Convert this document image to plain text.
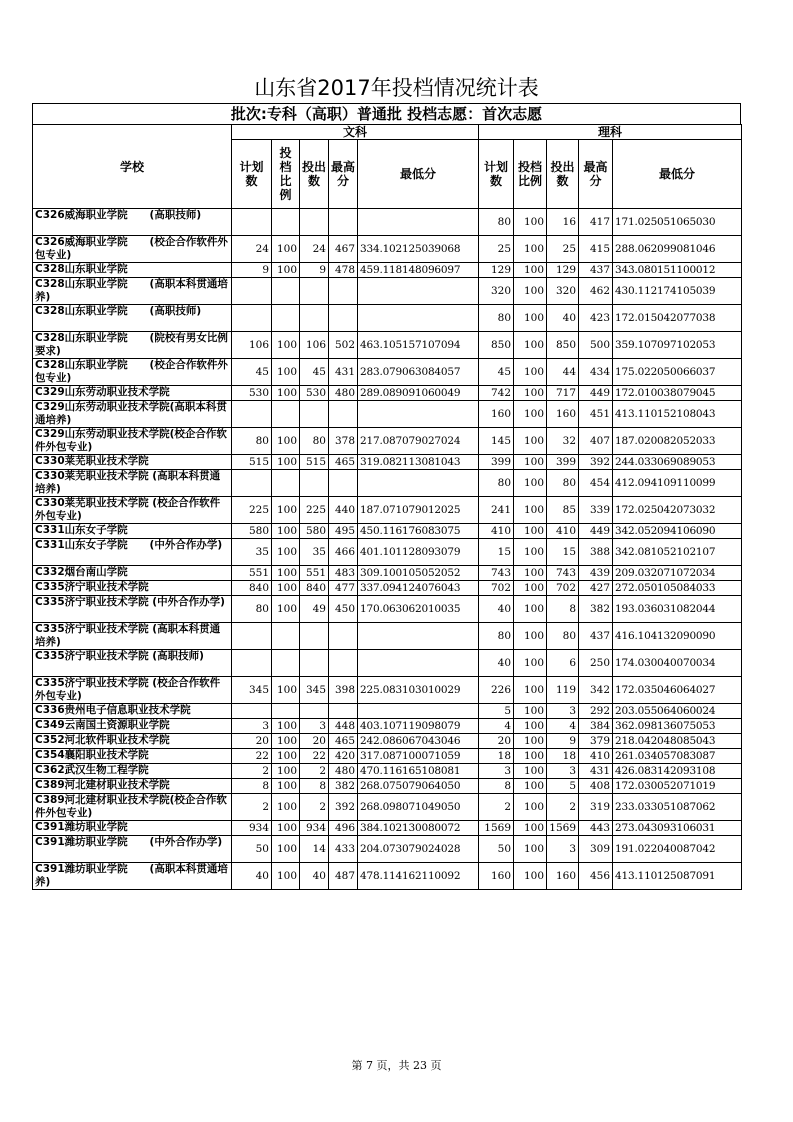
山东省2017年投档情况统计表
批次:专科（高职）普通批 投档志愿：首次志愿
学校	文科					理科				
	计划数	投档比例	投出数	最高分	最低分	计划数	投档比例	投出数	最高分	最低分

C326威海职业学院      (高职技师)						80	100	16	417	171.025051065030
C326威海职业学院      (校企合作软件外包专业)	24	100	24	467	334.102125039068	25	100	25	415	288.062099081046
C328山东职业学院	9	100	9	478	459.118148096097	129	100	129	437	343.080151100012
C328山东职业学院      (高职本科贯通培养)						320	100	320	462	430.112174105039
C328山东职业学院      (高职技师)						80	100	40	423	172.015042077038
C328山东职业学院      (院校有男女比例要求)	106	100	106	502	463.105157107094	850	100	850	500	359.107097102053
C328山东职业学院      (校企合作软件外包专业)	45	100	45	431	283.079063084057	45	100	44	434	175.022050066037
C329山东劳动职业技术学院	530	100	530	480	289.089091060049	742	100	717	449	172.010038079045
C329山东劳动职业技术学院(高职本科贯通培养)						160	100	160	451	413.110152108043
C329山东劳动职业技术学院(校企合作软件外包专业)	80	100	80	378	217.087079027024	145	100	32	407	187.020082052033
C330莱芜职业技术学院	515	100	515	465	319.082113081043	399	100	399	392	244.033069089053
C330莱芜职业技术学院 (高职本科贯通培养)						80	100	80	454	412.094109110099
C330莱芜职业技术学院 (校企合作软件外包专业)	225	100	225	440	187.071079012025	241	100	85	339	172.025042073032
C331山东女子学院	580	100	580	495	450.116176083075	410	100	410	449	342.052094106090
C331山东女子学院      (中外合作办学)	35	100	35	466	401.101128093079	15	100	15	388	342.081052102107
C332烟台南山学院	551	100	551	483	309.100105052052	743	100	743	439	209.032071072034
C335济宁职业技术学院	840	100	840	477	337.094124076043	702	100	702	427	272.050105084033
C335济宁职业技术学院 (中外合作办学)	80	100	49	450	170.063062010035	40	100	8	382	193.036031082044
C335济宁职业技术学院 (高职本科贯通培养)						80	100	80	437	416.104132090090
C335济宁职业技术学院 (高职技师)						40	100	6	250	174.030040070034
C335济宁职业技术学院 (校企合作软件外包专业)	345	100	345	398	225.083103010029	226	100	119	342	172.035046064027
C336贵州电子信息职业技术学院						5	100	3	292	203.055064060024
C349云南国土资源职业学院	3	100	3	448	403.107119098079	4	100	4	384	362.098136075053
C352河北软件职业技术学院	20	100	20	465	242.086067043046	20	100	9	379	218.042048085043
C354襄阳职业技术学院	22	100	22	420	317.087100071059	18	100	18	410	261.034057083087
C362武汉生物工程学院	2	100	2	480	470.116165108081	3	100	3	431	426.083142093108
C389河北建材职业技术学院	8	100	8	382	268.075079064050	8	100	5	408	172.030052071019
C389河北建材职业技术学院(校企合作软件外包专业)	2	100	2	392	268.098071049050	2	100	2	319	233.033051087062
C391潍坊职业学院	934	100	934	496	384.102130080072	1569	100	1569	443	273.043093106031
C391潍坊职业学院      (中外合作办学)	50	100	14	433	204.073079024028	50	100	3	309	191.022040087042
C391潍坊职业学院      (高职本科贯通培养)	40	100	40	487	478.114162110092	160	100	160	456	413.110125087091
第 7 页，共 23 页
